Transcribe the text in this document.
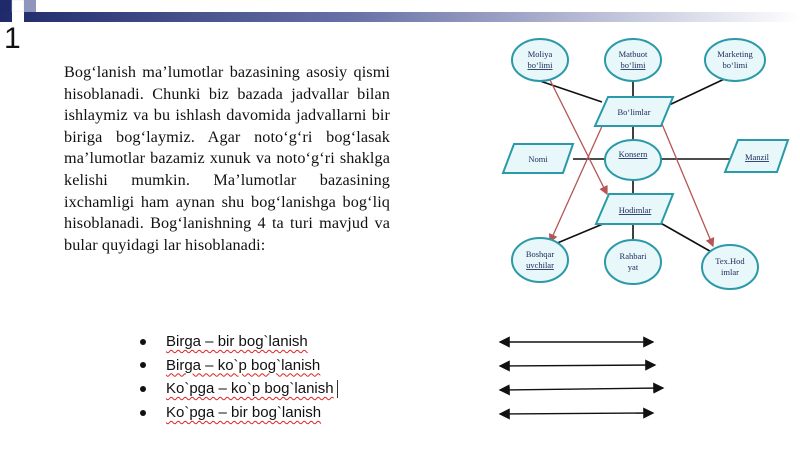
1
Bog‘lanish ma’lumotlar bazasining asosiy qismi hisoblanadi. Chunki biz bazada jadvallar bilan ishlaymiz va bu ishlash davomida jadvallarni bir biriga bog‘laymiz. Agar noto‘g‘ri bog‘lasak ma’lumotlar bazamiz xunuk va noto‘g‘ri shaklga kelishi mumkin. Ma’lumotlar bazasining ixchamligi ham aynan shu bog‘lanishga bog‘liq hisoblanadi. Bog‘lanishning 4 ta turi mavjud va bular quyidagi lar hisoblanadi:
Moliya
bo‘limi
Matbuot
bo‘limi
Marketing
bo‘limi
Bo‘limlar
Konsern
Nomi	Manzil
Hodimlar
Boshqar
uvchilar
Rahbari
yat
Tex.Hod
imlar
Birga – bir bog`lanish
Birga – ko`p bog`lanish
Ko`pga – ko`p bog`lanish
Ko`pga – bir bog`lanish
